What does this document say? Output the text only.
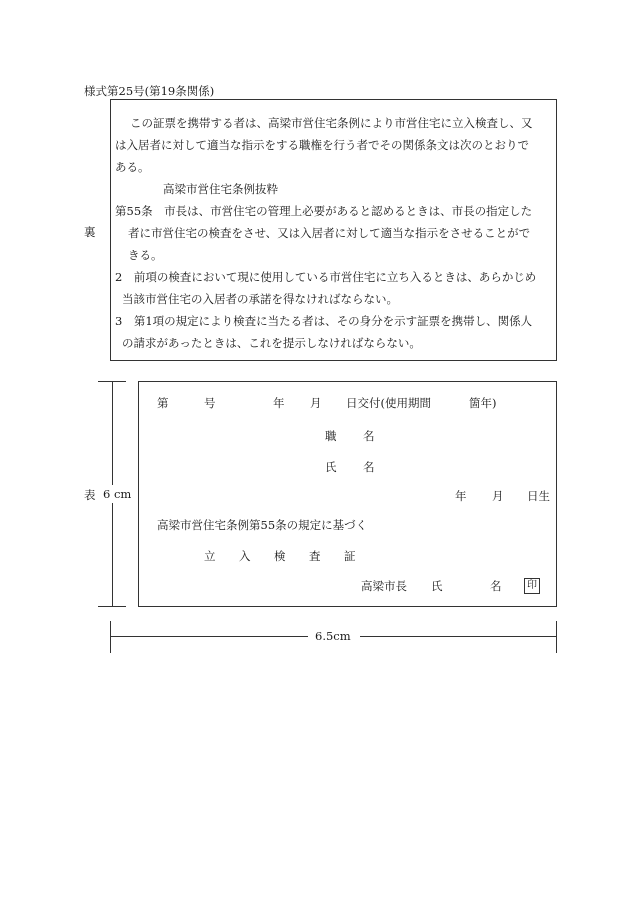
様式第25号(第19条関係)
裏
この証票を携帯する者は、高梁市営住宅条例により市営住宅に立入検査し、又
は入居者に対して適当な指示をする職権を行う者でその関係条文は次のとおりで
ある。
高梁市営住宅条例抜粋
第55条　市長は、市営住宅の管理上必要があると認めるときは、市長の指定した
者に市営住宅の検査をさせ、又は入居者に対して適当な指示をさせることがで
きる。
2　前項の検査において現に使用している市営住宅に立ち入るときは、あらかじめ
当該市営住宅の入居者の承諾を得なければならない。
3　第1項の規定により検査に当たる者は、その身分を示す証票を携帯し、関係人
の請求があったときは、これを提示しなければならない。
表 6 cm
第	号	年 月 日交付(使用期間	箇年)
職 名
氏 名
年 月 日生
高梁市営住宅条例第55条の規定に基づく
立 入 検 査 証
高梁市長 氏	名	印
6.5cm
